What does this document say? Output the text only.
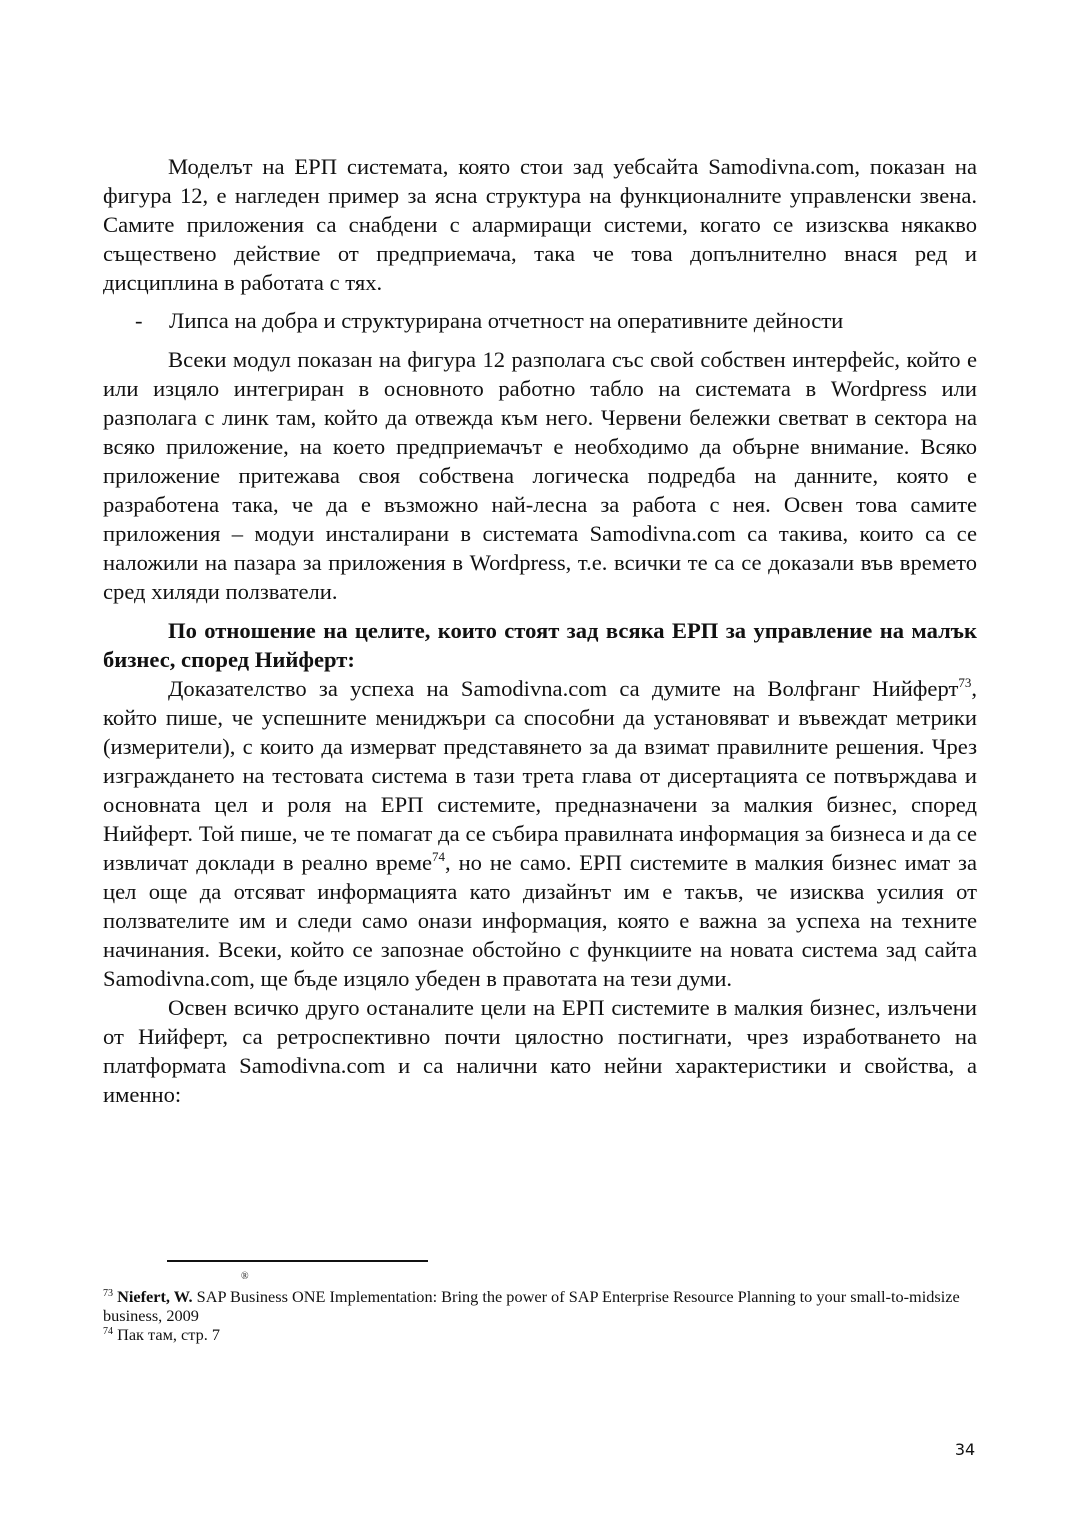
Моделът на ЕРП системата, която стои зад уебсайта Samodivna.com, показан на фигура 12, е нагледен пример за ясна структура на функционалните управленски звена. Самите приложения са снабдени с алармиращи системи, когато се изизсква някакво съществено действие от предприемача, така че това допълнително внася ред и дисциплина в работата с тях.

-	Липса на добра и структурирана отчетност на оперативните дейности

Всеки модул показан на фигура 12 разполага със свой собствен интерфейс, който е или изцяло интегриран в основното работно табло на системата в Wordpress или разполага с линк там, който да отвежда към него. Червени бележки светват в сектора на всяко приложение, на което предприемачът е необходимо да обърне внимание. Всяко приложение притежава своя собствена логическа подредба на данните, която е разработена така, че да е възможно най-лесна за работа с нея. Освен това самите приложения – модуи инсталирани в системата Samodivna.com са такива, които са се наложили на пазара за приложения в Wordpress, т.е. всички те са се доказали във времето сред хиляди ползватели.

По отношение на целите, които стоят зад всяка ЕРП за управление на малък бизнес, според Нийферт:

Доказателство за успеха на Samodivna.com са думите на Волфганг Нийферт$^{73}$, който пише, че успешните мениджъри са способни да установяват и въвеждат метрики (измерители), с които да измерват представянето за да взимат правилните решения. Чрез изграждането на тестовата система в тази трета глава от дисертацията се потвърждава и основната цел и роля на ЕРП системите, предназначени за малкия бизнес, според Нийферт. Той пише, че те помагат да се събира правилната информация за бизнеса и да се извличат доклади в реално време$^{74}$, но не само. ЕРП системите в малкия бизнес имат за цел още да отсяват информацията като дизайнът им е такъв, че изисква усилия от ползвателите им и следи само онази информация, която е важна за успеха на техните начинания. Всеки, който се запознае обстойно с функциите на новата система зад сайта Samodivna.com, ще бъде изцяло убеден в правотата на тези думи.

Освен всичко друго останалите цели на ЕРП системите в малкия бизнес, излъчени от Нийферт, са ретроспективно почти цялостно постигнати, чрез изработването на платформата Samodivna.com и са налични като нейни характеристики и свойства, а именно:

®

$^{73}$ Niefert, W. SAP Business ONE Implementation: Bring the power of SAP Enterprise Resource Planning to your small-to-midsize business, 2009

$^{74}$ Пак там, стр. 7

34
